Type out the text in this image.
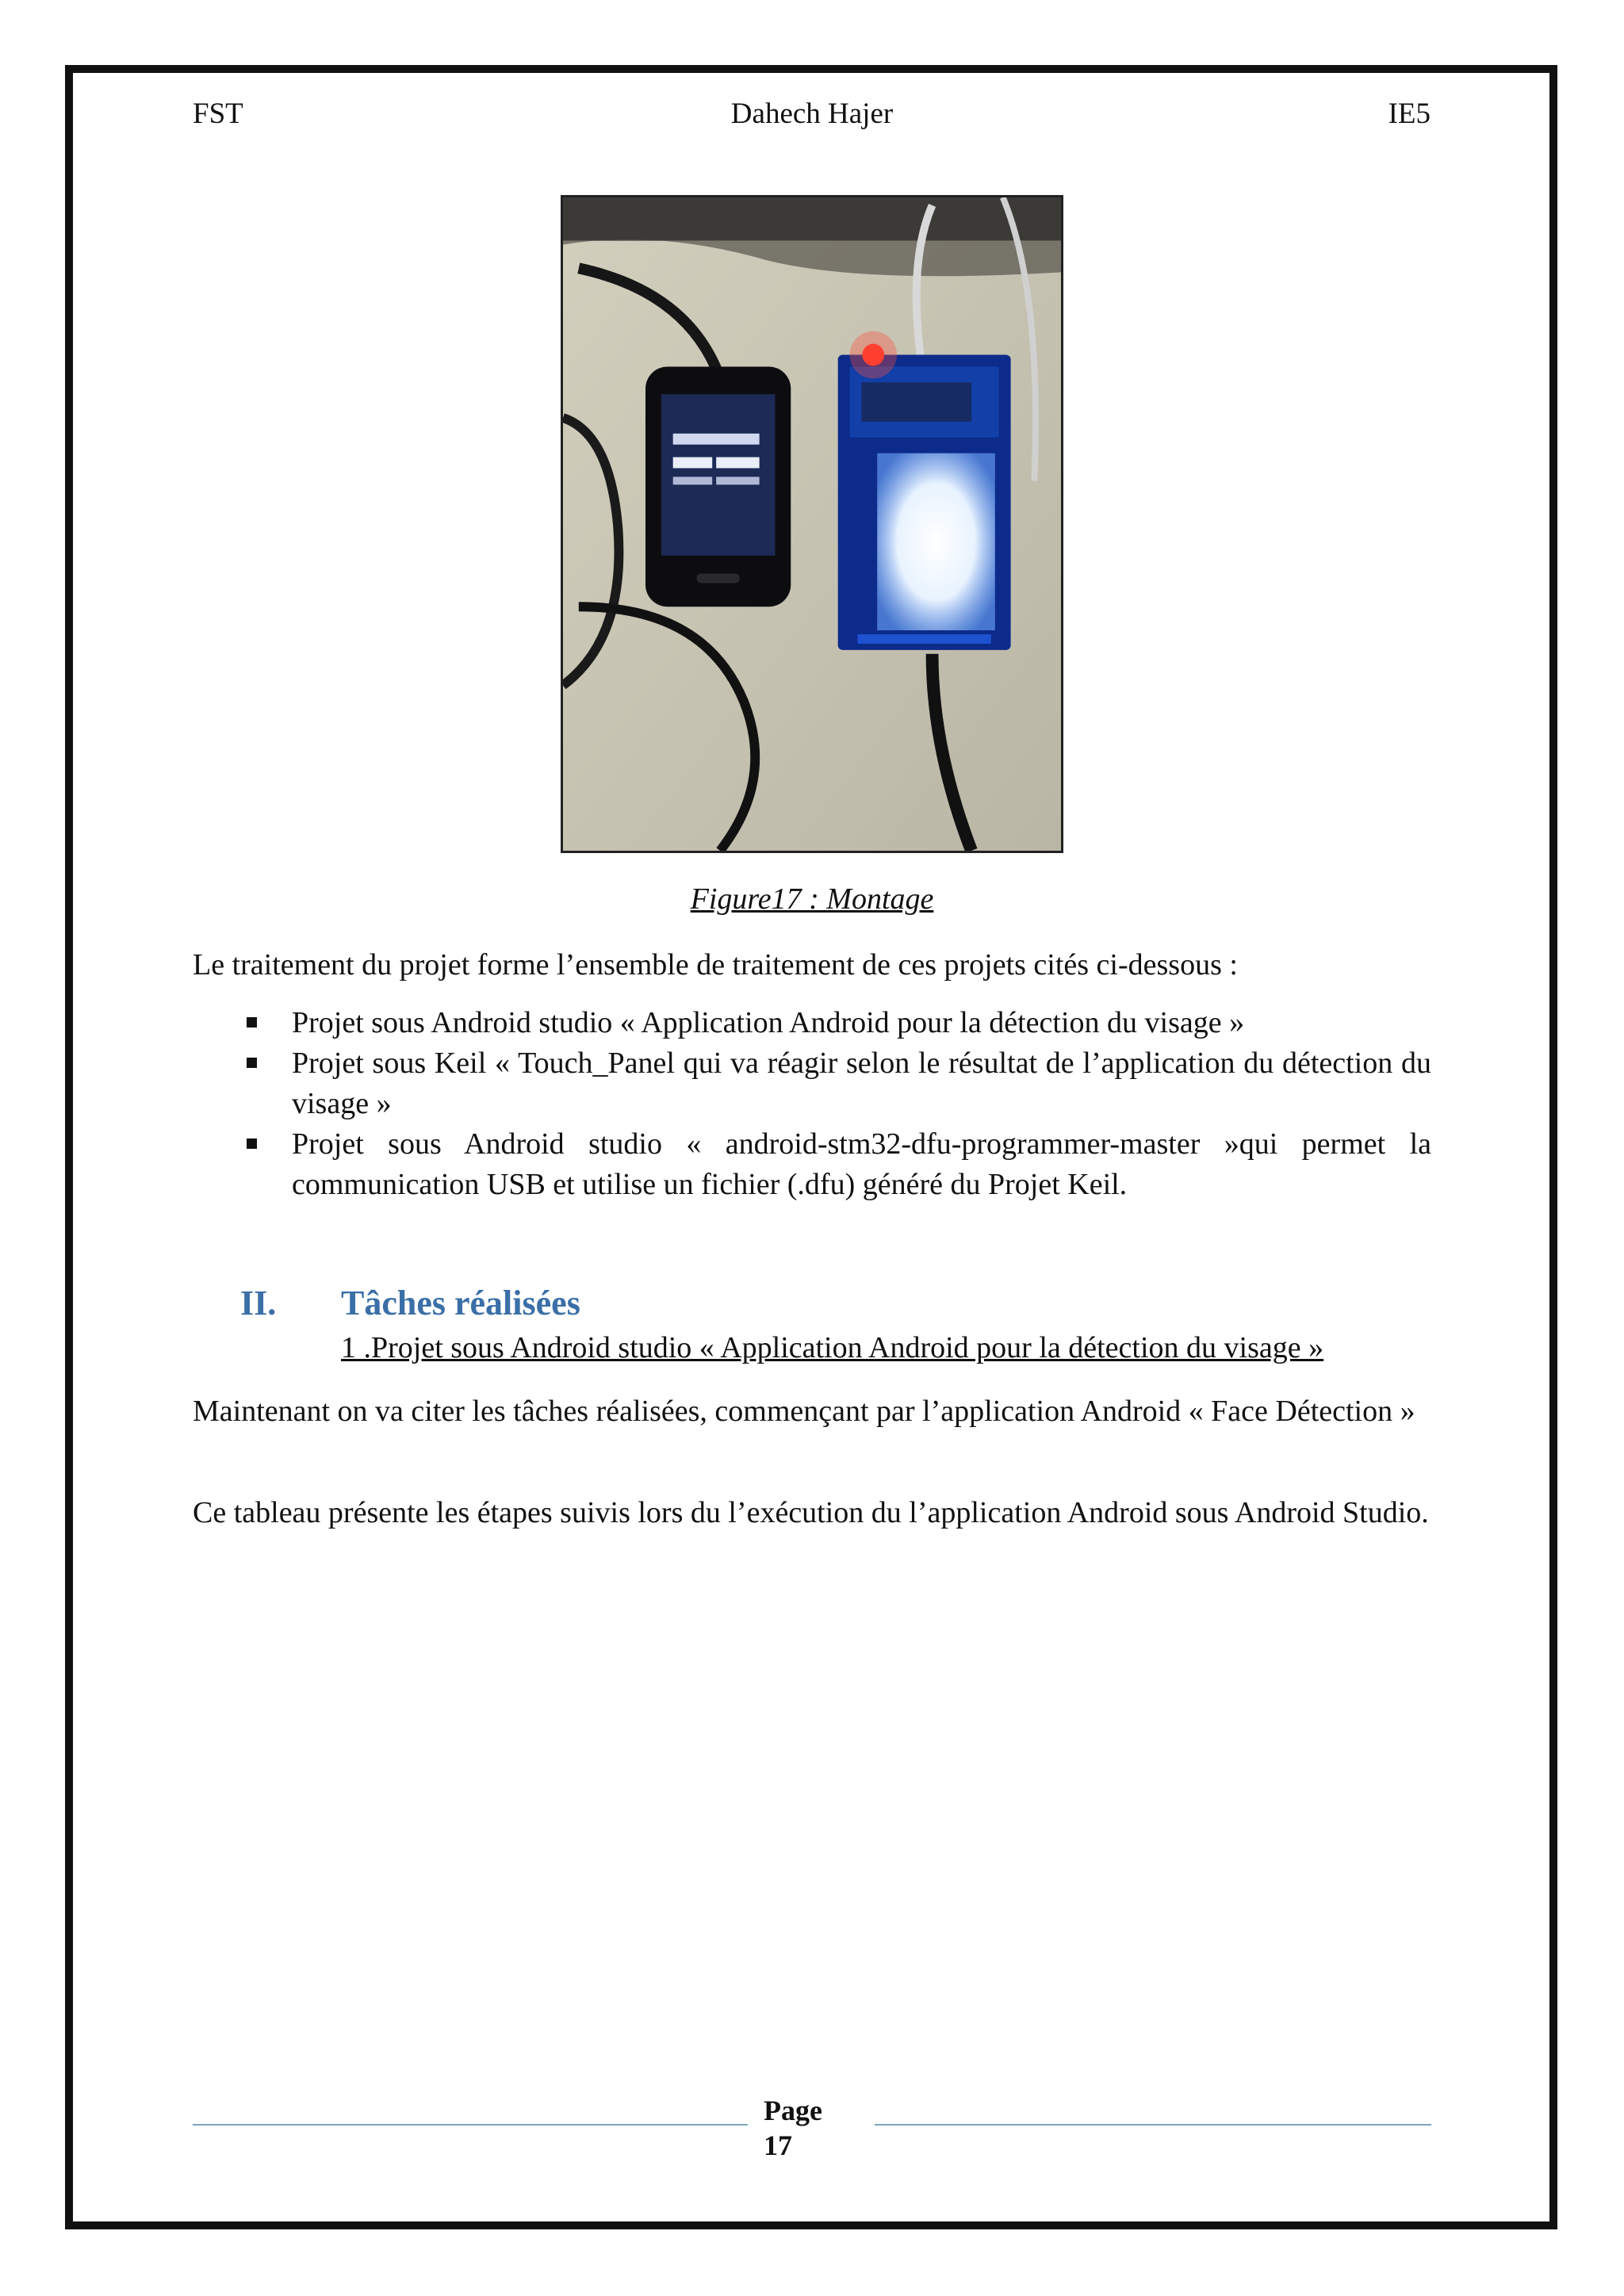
FST	Dahech Hajer	IE5
Figure17 : Montage

Le traitement du projet forme l’ensemble de traitement de ces projets cités ci-dessous :

Projet sous Android studio « Application Android pour la détection du visage »
Projet sous Keil « Touch_Panel qui va réagir selon le résultat de l’application du détection du visage »
Projet sous Android studio « android-stm32-dfu-programmer-master »qui permet la communication USB et utilise un fichier (.dfu) généré du Projet Keil.
II. Tâches réalisées
1 .Projet sous Android studio « Application Android pour la détection du visage »

Maintenant on va citer les tâches réalisées, commençant par l’application Android « Face Détection »

Ce tableau présente les étapes suivis lors du l’exécution du l’application Android sous Android Studio.

Page
17
